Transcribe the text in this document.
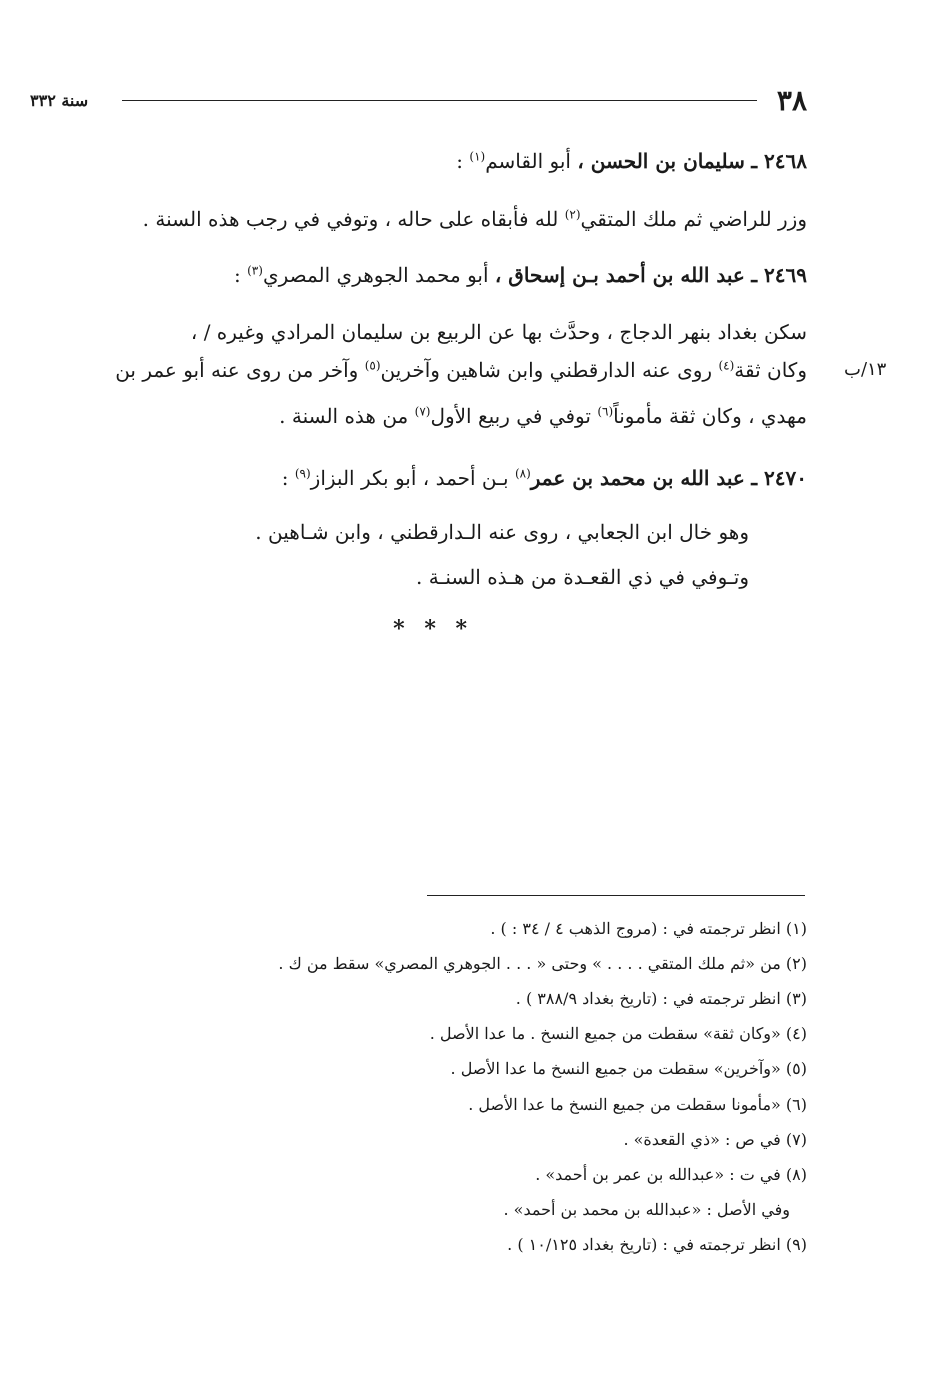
٣٨
سنة ٣٣٢
٢٤٦٨ ـ سليمان بن الحسن ، أبو القاسم$^{(١)}$ :
وزر للراضي ثم ملك المتقي$^{(٢)}$ لله فأبقاه على حاله ، وتوفي في رجب هذه السنة .
٢٤٦٩ ـ عبد الله بن أحمد بـن إسحاق ، أبو محمد الجوهري المصري$^{(٣)}$ :
سكن بغداد بنهر الدجاج ، وحدَّث بها عن الربيع بن سليمان المرادي وغيره / ،
وكان ثقة$^{(٤)}$ روى عنه الدارقطني وابن شاهين وآخرين$^{(٥)}$ وآخر من روى عنه أبو عمر بن
مهدي ، وكان ثقة مأموناً$^{(٦)}$ توفي في ربيع الأول$^{(٧)}$ من هذه السنة .
١٣/ب
٢٤٧٠ ـ عبد الله بن محمد بن عمر$^{(٨)}$ بـن أحمد ، أبو بكر البزاز$^{(٩)}$ :
وهو خال ابن الجعابي ، روى عنه الـدارقطني ، وابن شـاهين .
وتـوفي في ذي القعـدة من هـذه السنـة .
* * *
(١) انظر ترجمته في : (مروج الذهب ٤ / ٣٤ : ) .
(٢) من «ثم ملك المتقي . . . . » وحتى « . . . الجوهري المصري» سقط من ك .
(٣) انظر ترجمته في : (تاريخ بغداد ٣٨٨/٩ ) .
(٤) «وكان ثقة» سقطت من جميع النسخ . ما عدا الأصل .
(٥) «وآخرين» سقطت من جميع النسخ ما عدا الأصل .
(٦) «مأمونا سقطت من جميع النسخ ما عدا الأصل .
(٧) في ص : «ذي القعدة» .
(٨) في ت : «عبدالله بن عمر بن أحمد» .
وفي الأصل : «عبدالله بن محمد بن أحمد» .
(٩) انظر ترجمته في : (تاريخ بغداد ١٠/١٢٥ ) .
